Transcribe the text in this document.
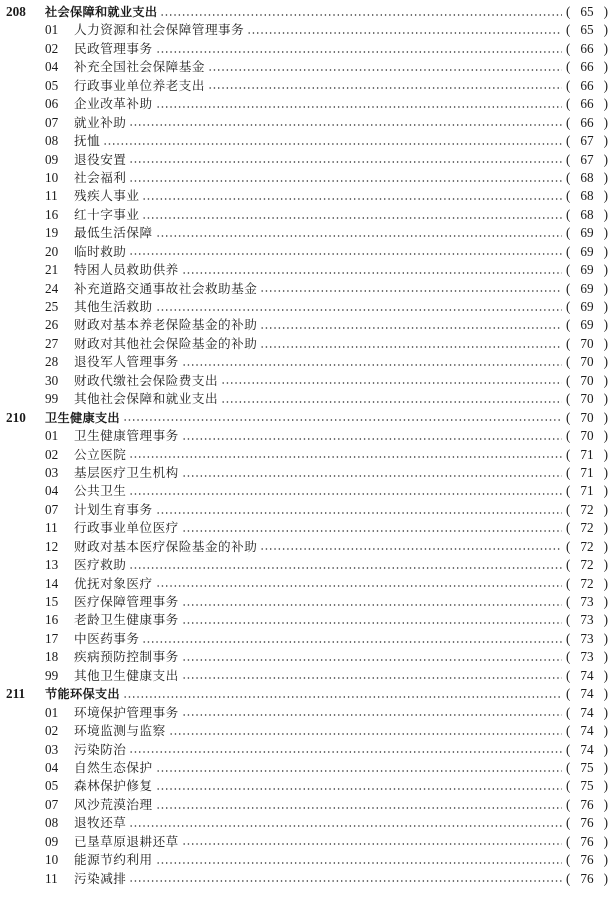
208 社会保障和就业支出	( 65 )
01 人力资源和社会保障管理事务	( 65 )
02 民政管理事务	( 66 )
04 补充全国社会保障基金	( 66 )
05 行政事业单位养老支出	( 66 )
06 企业改革补助	( 66 )
07 就业补助	( 66 )
08 抚恤	( 67 )
09 退役安置	( 67 )
10 社会福利	( 68 )
11 残疾人事业	( 68 )
16 红十字事业	( 68 )
19 最低生活保障	( 69 )
20 临时救助	( 69 )
21 特困人员救助供养	( 69 )
24 补充道路交通事故社会救助基金	( 69 )
25 其他生活救助	( 69 )
26 财政对基本养老保险基金的补助	( 69 )
27 财政对其他社会保险基金的补助	( 70 )
28 退役军人管理事务	( 70 )
30 财政代缴社会保险费支出	( 70 )
99 其他社会保障和就业支出	( 70 )
210 卫生健康支出	( 70 )
01 卫生健康管理事务	( 70 )
02 公立医院	( 71 )
03 基层医疗卫生机构	( 71 )
04 公共卫生	( 71 )
07 计划生育事务	( 72 )
11 行政事业单位医疗	( 72 )
12 财政对基本医疗保险基金的补助	( 72 )
13 医疗救助	( 72 )
14 优抚对象医疗	( 72 )
15 医疗保障管理事务	( 73 )
16 老龄卫生健康事务	( 73 )
17 中医药事务	( 73 )
18 疾病预防控制事务	( 73 )
99 其他卫生健康支出	( 74 )
211 节能环保支出	( 74 )
01 环境保护管理事务	( 74 )
02 环境监测与监察	( 74 )
03 污染防治	( 74 )
04 自然生态保护	( 75 )
05 森林保护修复	( 75 )
07 风沙荒漠治理	( 76 )
08 退牧还草	( 76 )
09 已垦草原退耕还草	( 76 )
10 能源节约利用	( 76 )
11 污染减排	( 76 )
